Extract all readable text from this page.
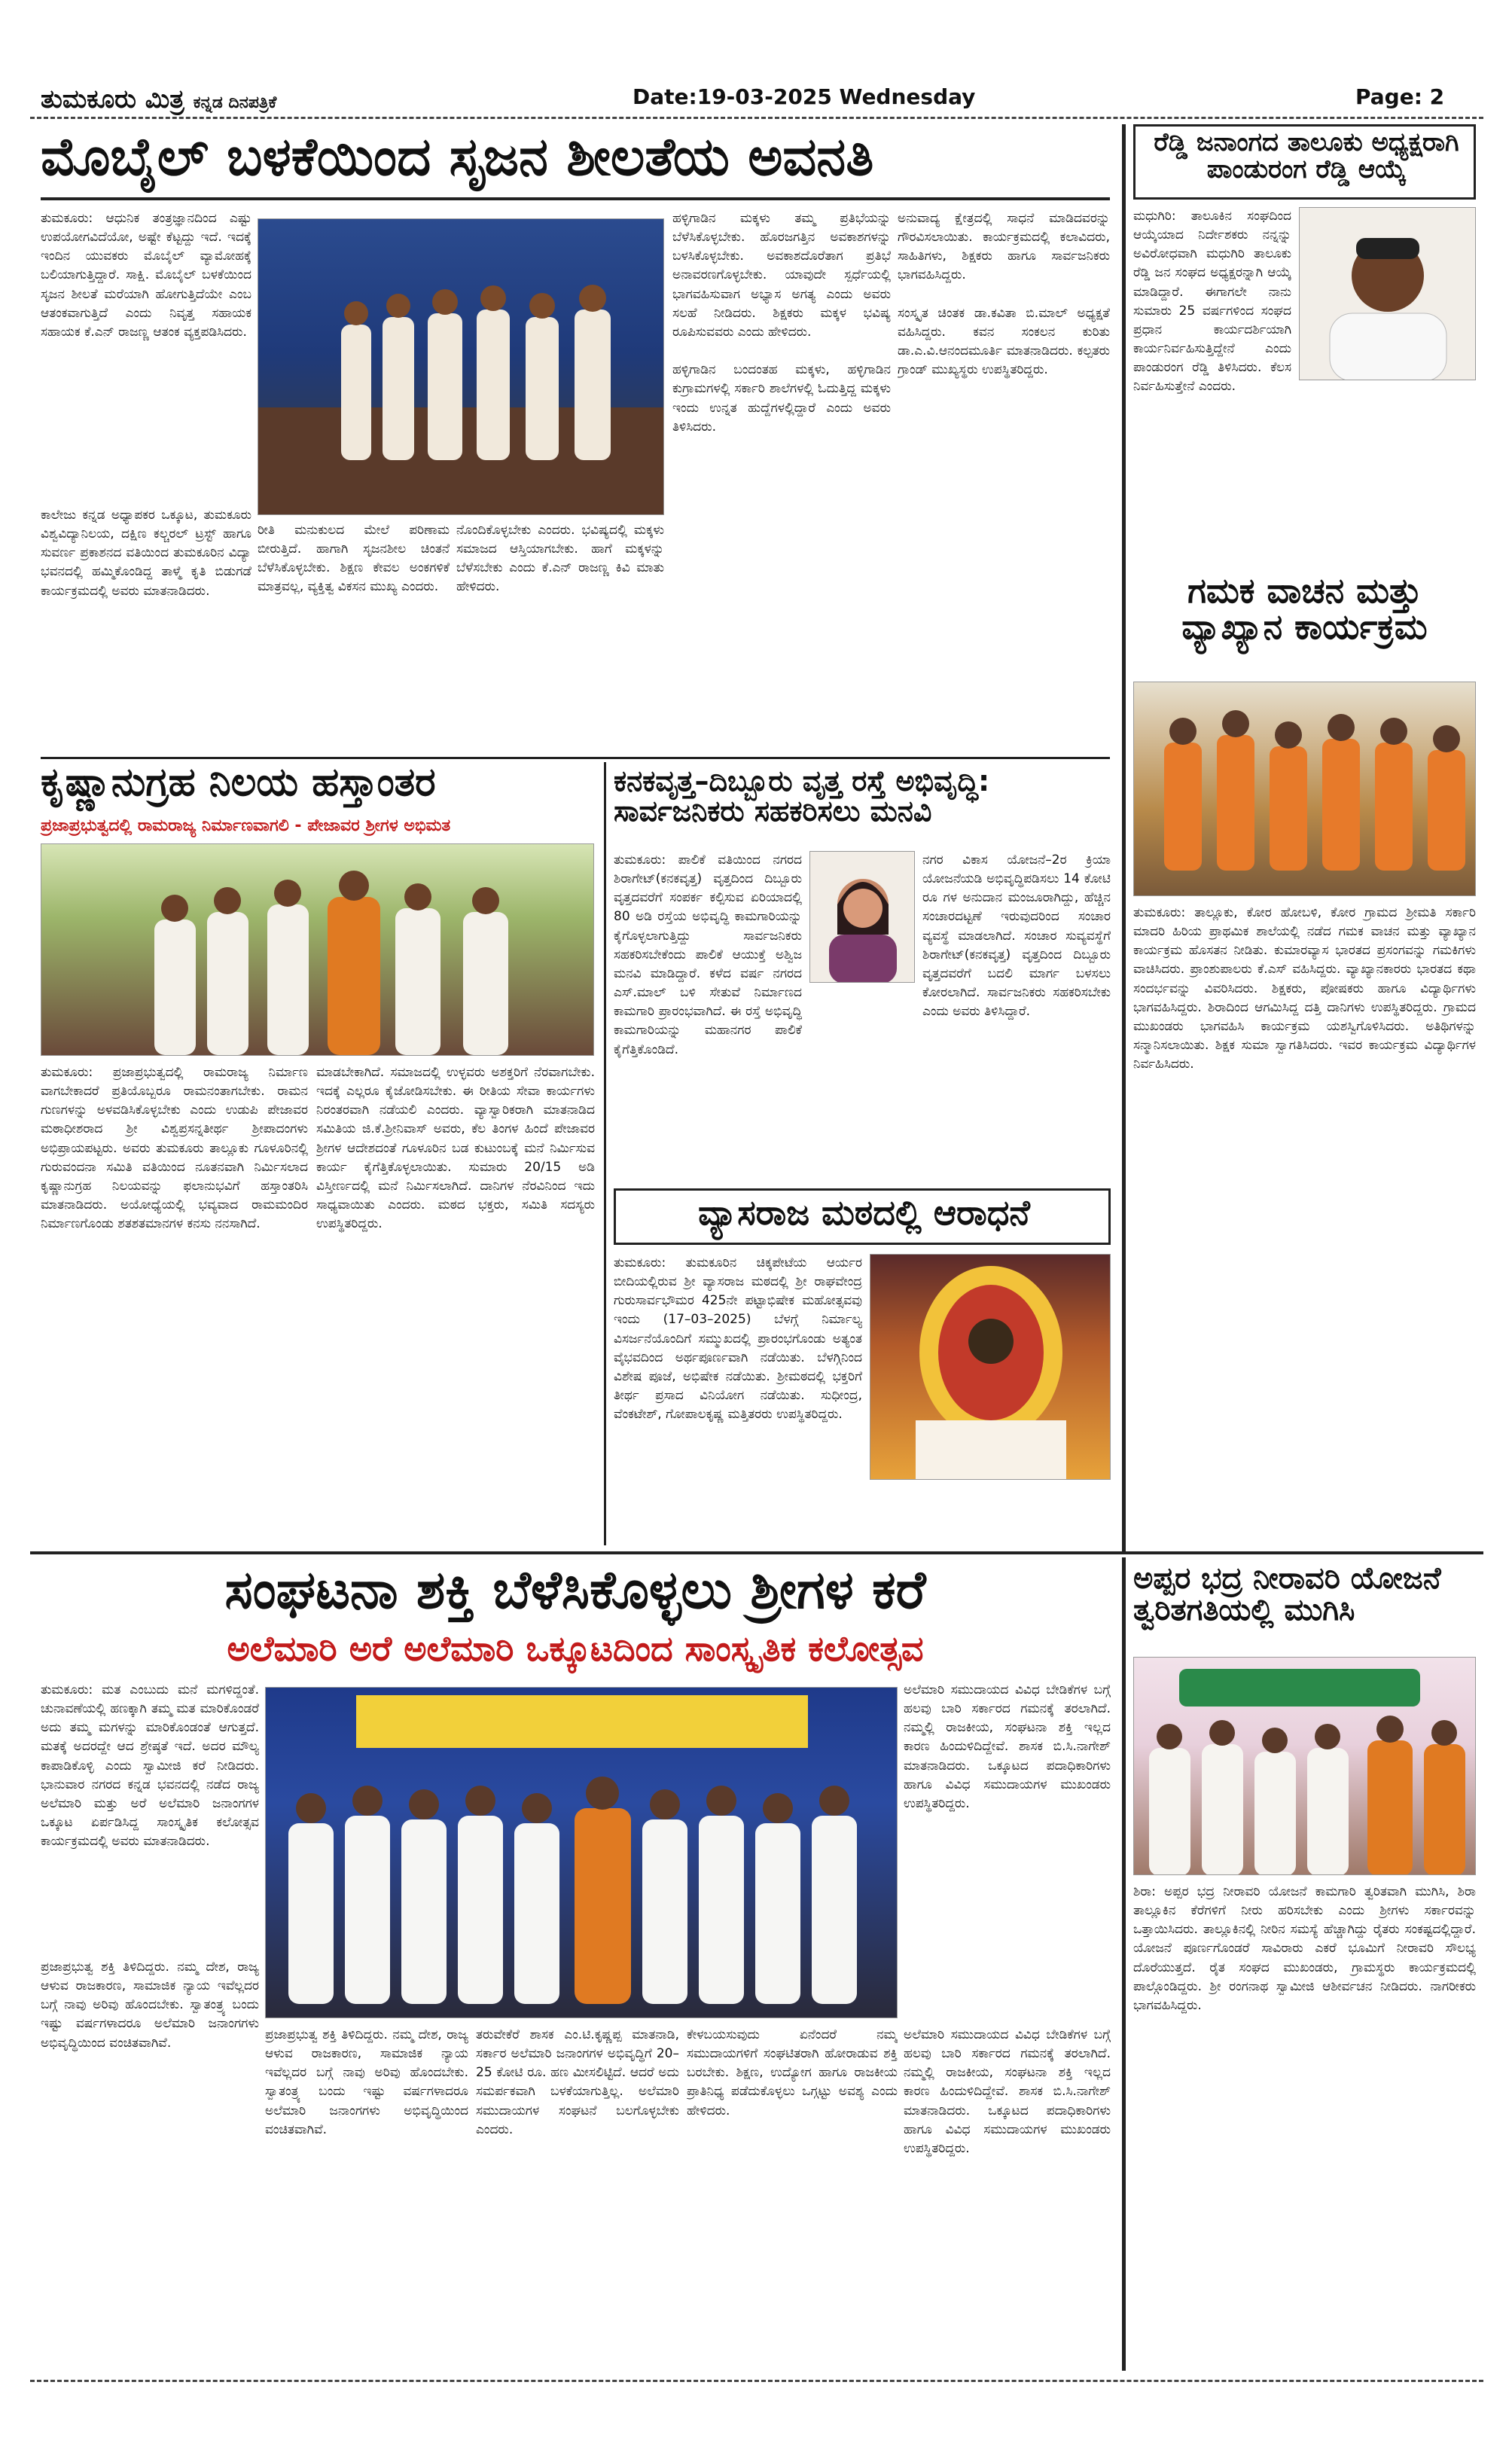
ತುಮಕೂರು ಮಿತ್ರ ಕನ್ನಡ ದಿನಪತ್ರಿಕೆ	Date:19-03-2025 Wednesday	Page: 2
ಮೊಬೈಲ್ ಬಳಕೆಯಿಂದ ಸೃಜನ ಶೀಲತೆಯ ಅವನತಿ
ತುಮಕೂರು: ಆಧುನಿಕ ತಂತ್ರಜ್ಞಾನದಿಂದ ಎಷ್ಟು ಉಪಯೋಗವಿದೆಯೋ, ಅಷ್ಟೇ ಕೆಟ್ಟದ್ದು ಇದೆ. ಇದಕ್ಕೆ ಇಂದಿನ ಯುವಕರು ಮೊಬೈಲ್ ವ್ಯಾಮೋಹಕ್ಕೆ ಬಲಿಯಾಗುತ್ತಿದ್ದಾರೆ. ಸಾಕ್ಷಿ. ಮೊಬೈಲ್ ಬಳಕೆಯಿಂದ ಸೃಜನ ಶೀಲತೆ ಮರೆಯಾಗಿ ಹೋಗುತ್ತಿದೆಯೇ ಎಂಬ ಆತಂಕವಾಗುತ್ತಿದೆ ಎಂದು ನಿವೃತ್ತ ಸಹಾಯಕ ಸಹಾಯಕ ಕೆ.ಎನ್ ರಾಜಣ್ಣ ಆತಂಕ ವ್ಯಕ್ತಪಡಿಸಿದರು.
ಕಾಲೇಜು ಕನ್ನಡ ಅಧ್ಯಾಪಕರ ಒಕ್ಕೂಟ, ತುಮಕೂರು ವಿಶ್ವವಿದ್ಯಾನಿಲಯ, ದಕ್ಷಿಣ ಕಲ್ಚರಲ್ ಟ್ರಸ್ಟ್ ಹಾಗೂ ಸುವರ್ಣ ಪ್ರಕಾಶನದ ವತಿಯಿಂದ ತುಮಕೂರಿನ ವಿದ್ಯಾ ಭವನದಲ್ಲಿ ಹಮ್ಮಿಕೊಂಡಿದ್ದ ತಾಳ್ಮೆ ಕೃತಿ ಬಿಡುಗಡೆ ಕಾರ್ಯಕ್ರಮದಲ್ಲಿ ಅವರು ಮಾತನಾಡಿದರು.
ರೀತಿ ಮನುಕುಲದ ಮೇಲೆ ಪರಿಣಾಮ ಬೀರುತ್ತಿದೆ. ಹಾಗಾಗಿ ಸೃಜನಶೀಲ ಚಿಂತನೆ ಬೆಳೆಸಿಕೊಳ್ಳಬೇಕು. ಶಿಕ್ಷಣ ಕೇವಲ ಅಂಕಗಳಿಕೆ ಮಾತ್ರವಲ್ಲ, ವ್ಯಕ್ತಿತ್ವ ವಿಕಸನ ಮುಖ್ಯ ಎಂದರು.
ನೊಂದಿಕೊಳ್ಳಬೇಕು ಎಂದರು. ಭವಿಷ್ಯದಲ್ಲಿ ಮಕ್ಕಳು ಸಮಾಜದ ಆಸ್ತಿಯಾಗಬೇಕು. ಹಾಗೆ ಮಕ್ಕಳನ್ನು ಬೆಳೆಸಬೇಕು ಎಂದು ಕೆ.ಎನ್ ರಾಜಣ್ಣ ಕಿವಿ ಮಾತು ಹೇಳಿದರು.
ಹಳ್ಳಿಗಾಡಿನ ಮಕ್ಕಳು ತಮ್ಮ ಪ್ರತಿಭೆಯನ್ನು ಬೆಳೆಸಿಕೊಳ್ಳಬೇಕು. ಹೊರಜಗತ್ತಿನ ಅವಕಾಶಗಳನ್ನು ಬಳಸಿಕೊಳ್ಳಬೇಕು. ಅವಕಾಶದೊರೆತಾಗ ಪ್ರತಿಭೆ ಅನಾವರಣಗೊಳ್ಳಬೇಕು. ಯಾವುದೇ ಸ್ಪರ್ಧೆಯಲ್ಲಿ ಭಾಗವಹಿಸುವಾಗ ಅಭ್ಯಾಸ ಅಗತ್ಯ ಎಂದು ಅವರು ಸಲಹೆ ನೀಡಿದರು. ಶಿಕ್ಷಕರು ಮಕ್ಕಳ ಭವಿಷ್ಯ ರೂಪಿಸುವವರು ಎಂದು ಹೇಳಿದರು.

ಹಳ್ಳಿಗಾಡಿನ ಬಂದಂತಹ ಮಕ್ಕಳು, ಹಳ್ಳಿಗಾಡಿನ ಕುಗ್ರಾಮಗಳಲ್ಲಿ ಸರ್ಕಾರಿ ಶಾಲೆಗಳಲ್ಲಿ ಓದುತ್ತಿದ್ದ ಮಕ್ಕಳು ಇಂದು ಉನ್ನತ ಹುದ್ದೆಗಳಲ್ಲಿದ್ದಾರೆ ಎಂದು ಅವರು ತಿಳಿಸಿದರು.
ಅನುವಾದ್ಯ ಕ್ಷೇತ್ರದಲ್ಲಿ ಸಾಧನೆ ಮಾಡಿದವರನ್ನು ಗೌರವಿಸಲಾಯಿತು. ಕಾರ್ಯಕ್ರಮದಲ್ಲಿ ಕಲಾವಿದರು, ಸಾಹಿತಿಗಳು, ಶಿಕ್ಷಕರು ಹಾಗೂ ಸಾರ್ವಜನಿಕರು ಭಾಗವಹಿಸಿದ್ದರು.

ಸಂಸ್ಕೃತ ಚಿಂತಕ ಡಾ.ಕವಿತಾ ಬಿ.ಮಾಲ್ ಅಧ್ಯಕ್ಷತೆ ವಹಿಸಿದ್ದರು. ಕವನ ಸಂಕಲನ ಕುರಿತು ಡಾ.ಎ.ವಿ.ಆನಂದಮೂರ್ತಿ ಮಾತನಾಡಿದರು. ಕಲ್ಪತರು ಗ್ರಾಂಡ್ ಮುಖ್ಯಸ್ಥರು ಉಪಸ್ಥಿತರಿದ್ದರು.
ರೆಡ್ಡಿ ಜನಾಂಗದ ತಾಲೂಕು ಅಧ್ಯಕ್ಷರಾಗಿ ಪಾಂಡುರಂಗ ರೆಡ್ಡಿ ಆಯ್ಕೆ
ಮಧುಗಿರಿ: ತಾಲೂಕಿನ ಸಂಘದಿಂದ ಆಯ್ಕೆಯಾದ ನಿರ್ದೇಶಕರು ನನ್ನನ್ನು ಅವಿರೋಧವಾಗಿ ಮಧುಗಿರಿ ತಾಲೂಕು ರೆಡ್ಡಿ ಜನ ಸಂಘದ ಅಧ್ಯಕ್ಷರನ್ನಾಗಿ ಆಯ್ಕೆ ಮಾಡಿದ್ದಾರೆ. ಈಗಾಗಲೇ ನಾನು ಸುಮಾರು 25 ವರ್ಷಗಳಿಂದ ಸಂಘದ ಪ್ರಧಾನ ಕಾರ್ಯದರ್ಶಿಯಾಗಿ ಕಾರ್ಯನಿರ್ವಹಿಸುತ್ತಿದ್ದೇನೆ ಎಂದು ಪಾಂಡುರಂಗ ರೆಡ್ಡಿ ತಿಳಿಸಿದರು. ಕೆಲಸ ನಿರ್ವಹಿಸುತ್ತೇನೆ ಎಂದರು.
ಗಮಕ ವಾಚನ ಮತ್ತು ವ್ಯಾಖ್ಯಾನ ಕಾರ್ಯಕ್ರಮ
ತುಮಕೂರು: ತಾಲ್ಲೂಕು, ಕೋರ ಹೋಬಳಿ, ಕೋರ ಗ್ರಾಮದ ಶ್ರೀಮತಿ ಸರ್ಕಾರಿ ಮಾದರಿ ಹಿರಿಯ ಪ್ರಾಥಮಿಕ ಶಾಲೆಯಲ್ಲಿ ನಡೆದ ಗಮಕ ವಾಚನ ಮತ್ತು ವ್ಯಾಖ್ಯಾನ ಕಾರ್ಯಕ್ರಮ ಹೊಸತನ ನೀಡಿತು. ಕುಮಾರವ್ಯಾಸ ಭಾರತದ ಪ್ರಸಂಗವನ್ನು ಗಮಕಿಗಳು ವಾಚಿಸಿದರು. ಪ್ರಾಂಶುಪಾಲರು ಕೆ.ಎಸ್ ವಹಿಸಿದ್ದರು. ವ್ಯಾಖ್ಯಾನಕಾರರು ಭಾರತದ ಕಥಾ ಸಂದರ್ಭವನ್ನು ವಿವರಿಸಿದರು. ಶಿಕ್ಷಕರು, ಪೋಷಕರು ಹಾಗೂ ವಿದ್ಯಾರ್ಥಿಗಳು ಭಾಗವಹಿಸಿದ್ದರು. ಶಿರಾದಿಂದ ಆಗಮಿಸಿದ್ದ ದತ್ತಿ ದಾನಿಗಳು ಉಪಸ್ಥಿತರಿದ್ದರು. ಗ್ರಾಮದ ಮುಖಂಡರು ಭಾಗವಹಿಸಿ ಕಾರ್ಯಕ್ರಮ ಯಶಸ್ವಿಗೊಳಿಸಿದರು. ಅತಿಥಿಗಳನ್ನು ಸನ್ಮಾನಿಸಲಾಯಿತು. ಶಿಕ್ಷಕ ಸುಮಾ ಸ್ವಾಗತಿಸಿದರು. ಇವರ ಕಾರ್ಯಕ್ರಮ ವಿದ್ಯಾರ್ಥಿಗಳ ನಿರ್ವಹಿಸಿದರು.
ಕೃಷ್ಣಾನುಗ್ರಹ ನಿಲಯ ಹಸ್ತಾಂತರ
ಪ್ರಜಾಪ್ರಭುತ್ವದಲ್ಲಿ ರಾಮರಾಜ್ಯ ನಿರ್ಮಾಣವಾಗಲಿ - ಪೇಜಾವರ ಶ್ರೀಗಳ ಅಭಿಮತ
ತುಮಕೂರು: ಪ್ರಜಾಪ್ರಭುತ್ವದಲ್ಲಿ ರಾಮರಾಜ್ಯ ನಿರ್ಮಾಣ ವಾಗಬೇಕಾದರೆ ಪ್ರತಿಯೊಬ್ಬರೂ ರಾಮನಂತಾಗಬೇಕು. ರಾಮನ ಗುಣಗಳನ್ನು ಅಳವಡಿಸಿಕೊಳ್ಳಬೇಕು ಎಂದು ಉಡುಪಿ ಪೇಜಾವರ ಮಠಾಧೀಶರಾದ ಶ್ರೀ ವಿಶ್ವಪ್ರಸನ್ನತೀರ್ಥ ಶ್ರೀಪಾದಂಗಳು ಅಭಿಪ್ರಾಯಪಟ್ಟರು. ಅವರು ತುಮಕೂರು ತಾಲ್ಲೂಕು ಗೂಳೂರಿನಲ್ಲಿ ಗುರುವಂದನಾ ಸಮಿತಿ ವತಿಯಿಂದ ನೂತನವಾಗಿ ನಿರ್ಮಿಸಲಾದ ಕೃಷ್ಣಾನುಗ್ರಹ ನಿಲಯವನ್ನು ಫಲಾನುಭವಿಗೆ ಹಸ್ತಾಂತರಿಸಿ ಮಾತನಾಡಿದರು. ಅಯೋಧ್ಯೆಯಲ್ಲಿ ಭವ್ಯವಾದ ರಾಮಮಂದಿರ ನಿರ್ಮಾಣಗೊಂಡು ಶತಶತಮಾನಗಳ ಕನಸು ನನಸಾಗಿದೆ.
ಮಾಡಬೇಕಾಗಿದೆ. ಸಮಾಜದಲ್ಲಿ ಉಳ್ಳವರು ಅಶಕ್ತರಿಗೆ ನೆರವಾಗಬೇಕು. ಇದಕ್ಕೆ ಎಲ್ಲರೂ ಕೈಜೋಡಿಸಬೇಕು. ಈ ರೀತಿಯ ಸೇವಾ ಕಾರ್ಯಗಳು ನಿರಂತರವಾಗಿ ನಡೆಯಲಿ ಎಂದರು. ವ್ಯಾಸ್ವಾರಿಕರಾಗಿ ಮಾತನಾಡಿದ ಸಮಿತಿಯ ಜಿ.ಕೆ.ಶ್ರೀನಿವಾಸ್ ಅವರು, ಕೆಲ ತಿಂಗಳ ಹಿಂದೆ ಪೇಜಾವರ ಶ್ರೀಗಳ ಆದೇಶದಂತೆ ಗೂಳೂರಿನ ಬಡ ಕುಟುಂಬಕ್ಕೆ ಮನೆ ನಿರ್ಮಿಸುವ ಕಾರ್ಯ ಕೈಗೆತ್ತಿಕೊಳ್ಳಲಾಯಿತು. ಸುಮಾರು 20/15 ಅಡಿ ವಿಸ್ತೀರ್ಣದಲ್ಲಿ ಮನೆ ನಿರ್ಮಿಸಲಾಗಿದೆ. ದಾನಿಗಳ ನೆರವಿನಿಂದ ಇದು ಸಾಧ್ಯವಾಯಿತು ಎಂದರು. ಮಠದ ಭಕ್ತರು, ಸಮಿತಿ ಸದಸ್ಯರು ಉಪಸ್ಥಿತರಿದ್ದರು.
ಕನಕವೃತ್ತ–ದಿಬ್ಬೂರು ವೃತ್ತ ರಸ್ತೆ ಅಭಿವೃದ್ಧಿ: ಸಾರ್ವಜನಿಕರು ಸಹಕರಿಸಲು ಮನವಿ
ತುಮಕೂರು: ಪಾಲಿಕೆ ವತಿಯಿಂದ ನಗರದ ಶಿರಾಗೇಟ್(ಕನಕವೃತ್ತ) ವೃತ್ತದಿಂದ ದಿಬ್ಬೂರು ವೃತ್ತದವರೆಗೆ ಸಂಪರ್ಕ ಕಲ್ಪಿಸುವ ಏರಿಯಾದಲ್ಲಿ 80 ಅಡಿ ರಸ್ತೆಯ ಅಭಿವೃದ್ಧಿ ಕಾಮಗಾರಿಯನ್ನು ಕೈಗೊಳ್ಳಲಾಗುತ್ತಿದ್ದು ಸಾರ್ವಜನಿಕರು ಸಹಕರಿಸಬೇಕೆಂದು ಪಾಲಿಕೆ ಆಯುಕ್ತೆ ಅಶ್ವಿಜ ಮನವಿ ಮಾಡಿದ್ದಾರೆ. ಕಳೆದ ವರ್ಷ ನಗರದ ಎಸ್.ಮಾಲ್ ಬಳಿ ಸೇತುವೆ ನಿರ್ಮಾಣದ ಕಾಮಗಾರಿ ಪ್ರಾರಂಭವಾಗಿದೆ. ಈ ರಸ್ತೆ ಅಭಿವೃದ್ಧಿ ಕಾಮಗಾರಿಯನ್ನು ಮಹಾನಗರ ಪಾಲಿಕೆ ಕೈಗೆತ್ತಿಕೊಂಡಿದೆ.
ನಗರ ವಿಕಾಸ ಯೋಜನೆ–2ರ ಕ್ರಿಯಾ ಯೋಜನೆಯಡಿ ಅಭಿವೃದ್ಧಿಪಡಿಸಲು 14 ಕೋಟಿ ರೂ ಗಳ ಅನುದಾನ ಮಂಜೂರಾಗಿದ್ದು, ಹೆಚ್ಚಿನ ಸಂಚಾರದಟ್ಟಣೆ ಇರುವುದರಿಂದ ಸಂಚಾರ ವ್ಯವಸ್ಥೆ ಮಾಡಲಾಗಿದೆ. ಸಂಚಾರ ಸುವ್ಯವಸ್ಥೆಗೆ ಶಿರಾಗೇಟ್(ಕನಕವೃತ್ತ) ವೃತ್ತದಿಂದ ದಿಬ್ಬೂರು ವೃತ್ತದವರೆಗೆ ಬದಲಿ ಮಾರ್ಗ ಬಳಸಲು ಕೋರಲಾಗಿದೆ. ಸಾರ್ವಜನಿಕರು ಸಹಕರಿಸಬೇಕು ಎಂದು ಅವರು ತಿಳಿಸಿದ್ದಾರೆ.
ವ್ಯಾಸರಾಜ ಮಠದಲ್ಲಿ ಆರಾಧನೆ
ತುಮಕೂರು: ತುಮಕೂರಿನ ಚಿಕ್ಕಪೇಟೆಯ ಆರ್ಯರ ಬೀದಿಯಲ್ಲಿರುವ ಶ್ರೀ ವ್ಯಾಸರಾಜ ಮಠದಲ್ಲಿ ಶ್ರೀ ರಾಘವೇಂದ್ರ ಗುರುಸಾರ್ವಭೌಮರ 425ನೇ ಪಟ್ಟಾಭಿಷೇಕ ಮಹೋತ್ಸವವು ಇಂದು (17–03–2025) ಬೆಳಗ್ಗೆ ನಿರ್ಮಾಲ್ಯ ವಿಸರ್ಜನೆಯೊಂದಿಗೆ ಸಮ್ಮುಖದಲ್ಲಿ ಪ್ರಾರಂಭಗೊಂಡು ಅತ್ಯಂತ ವೈಭವದಿಂದ ಅರ್ಥಪೂರ್ಣವಾಗಿ ನಡೆಯಿತು. ಬೆಳಗ್ಗಿನಿಂದ ವಿಶೇಷ ಪೂಜೆ, ಅಭಿಷೇಕ ನಡೆಯಿತು. ಶ್ರೀಮಠದಲ್ಲಿ ಭಕ್ತರಿಗೆ ತೀರ್ಥ ಪ್ರಸಾದ ವಿನಿಯೋಗ ನಡೆಯಿತು. ಸುಧೀಂದ್ರ, ವೆಂಕಟೇಶ್, ಗೋಪಾಲಕೃಷ್ಣ ಮತ್ತಿತರರು ಉಪಸ್ಥಿತರಿದ್ದರು.
ಸಂಘಟನಾ ಶಕ್ತಿ ಬೆಳೆಸಿಕೊಳ್ಳಲು ಶ್ರೀಗಳ ಕರೆ
ಅಲೆಮಾರಿ ಅರೆ ಅಲೆಮಾರಿ ಒಕ್ಕೂಟದಿಂದ ಸಾಂಸ್ಕೃತಿಕ ಕಲೋತ್ಸವ
ತುಮಕೂರು: ಮತ ಎಂಬುದು ಮನೆ ಮಗಳಿದ್ದಂತೆ. ಚುನಾವಣೆಯಲ್ಲಿ ಹಣಕ್ಕಾಗಿ ತಮ್ಮ ಮತ ಮಾರಿಕೊಂಡರೆ ಅದು ತಮ್ಮ ಮಗಳನ್ನು ಮಾರಿಕೊಂಡಂತೆ ಆಗುತ್ತದೆ. ಮತಕ್ಕೆ ಅದರದ್ದೇ ಆದ ಶ್ರೇಷ್ಠತೆ ಇದೆ. ಅದರ ಮೌಲ್ಯ ಕಾಪಾಡಿಕೊಳ್ಳಿ ಎಂದು ಸ್ವಾಮೀಜಿ ಕರೆ ನೀಡಿದರು. ಭಾನುವಾರ ನಗರದ ಕನ್ನಡ ಭವನದಲ್ಲಿ ನಡೆದ ರಾಜ್ಯ ಅಲೆಮಾರಿ ಮತ್ತು ಅರೆ ಅಲೆಮಾರಿ ಜನಾಂಗಗಳ ಒಕ್ಕೂಟ ಏರ್ಪಡಿಸಿದ್ದ ಸಾಂಸ್ಕೃತಿಕ ಕಲೋತ್ಸವ ಕಾರ್ಯಕ್ರಮದಲ್ಲಿ ಅವರು ಮಾತನಾಡಿದರು.
ಅಲೆಮಾರಿ ಸಮುದಾಯದ ವಿವಿಧ ಬೇಡಿಕೆಗಳ ಬಗ್ಗೆ ಹಲವು ಬಾರಿ ಸರ್ಕಾರದ ಗಮನಕ್ಕೆ ತರಲಾಗಿದೆ. ನಮ್ಮಲ್ಲಿ ರಾಜಕೀಯ, ಸಂಘಟನಾ ಶಕ್ತಿ ಇಲ್ಲದ ಕಾರಣ ಹಿಂದುಳಿದಿದ್ದೇವೆ. ಶಾಸಕ ಬಿ.ಸಿ.ನಾಗೇಶ್ ಮಾತನಾಡಿದರು. ಒಕ್ಕೂಟದ ಪದಾಧಿಕಾರಿಗಳು ಹಾಗೂ ವಿವಿಧ ಸಮುದಾಯಗಳ ಮುಖಂಡರು ಉಪಸ್ಥಿತರಿದ್ದರು.
ಪ್ರಜಾಪ್ರಭುತ್ವ ಶಕ್ತಿ ತಿಳಿದಿದ್ದರು. ನಮ್ಮ ದೇಶ, ರಾಜ್ಯ ಆಳುವ ರಾಜಕಾರಣ, ಸಾಮಾಜಿಕ ನ್ಯಾಯ ಇವೆಲ್ಲದರ ಬಗ್ಗೆ ನಾವು ಅರಿವು ಹೊಂದಬೇಕು. ಸ್ವಾತಂತ್ರ್ಯ ಬಂದು ಇಷ್ಟು ವರ್ಷಗಳಾದರೂ ಅಲೆಮಾರಿ ಜನಾಂಗಗಳು ಅಭಿವೃದ್ಧಿಯಿಂದ ವಂಚಿತವಾಗಿವೆ.
ಪ್ರಜಾಪ್ರಭುತ್ವ ಶಕ್ತಿ ತಿಳಿದಿದ್ದರು. ನಮ್ಮ ದೇಶ, ರಾಜ್ಯ ಆಳುವ ರಾಜಕಾರಣ, ಸಾಮಾಜಿಕ ನ್ಯಾಯ ಇವೆಲ್ಲದರ ಬಗ್ಗೆ ನಾವು ಅರಿವು ಹೊಂದಬೇಕು. ಸ್ವಾತಂತ್ರ್ಯ ಬಂದು ಇಷ್ಟು ವರ್ಷಗಳಾದರೂ ಅಲೆಮಾರಿ ಜನಾಂಗಗಳು ಅಭಿವೃದ್ಧಿಯಿಂದ ವಂಚಿತವಾಗಿವೆ.
ತರುವೇಕೆರೆ ಶಾಸಕ ಎಂ.ಟಿ.ಕೃಷ್ಣಪ್ಪ ಮಾತನಾಡಿ, ಸರ್ಕಾರ ಅಲೆಮಾರಿ ಜನಾಂಗಗಳ ಅಭಿವೃದ್ಧಿಗೆ 20–25 ಕೋಟಿ ರೂ. ಹಣ ಮೀಸಲಿಟ್ಟಿದೆ. ಆದರೆ ಅದು ಸಮರ್ಪಕವಾಗಿ ಬಳಕೆಯಾಗುತ್ತಿಲ್ಲ. ಅಲೆಮಾರಿ ಸಮುದಾಯಗಳ ಸಂಘಟನೆ ಬಲಗೊಳ್ಳಬೇಕು ಎಂದರು.
ಕೇಳಬಯಸುವುದು ಏನೆಂದರೆ ನಮ್ಮ ಸಮುದಾಯಗಳಿಗೆ ಸಂಘಟಿತರಾಗಿ ಹೋರಾಡುವ ಶಕ್ತಿ ಬರಬೇಕು. ಶಿಕ್ಷಣ, ಉದ್ಯೋಗ ಹಾಗೂ ರಾಜಕೀಯ ಪ್ರಾತಿನಿಧ್ಯ ಪಡೆದುಕೊಳ್ಳಲು ಒಗ್ಗಟ್ಟು ಅವಶ್ಯ ಎಂದು ಹೇಳಿದರು.
ಅಲೆಮಾರಿ ಸಮುದಾಯದ ವಿವಿಧ ಬೇಡಿಕೆಗಳ ಬಗ್ಗೆ ಹಲವು ಬಾರಿ ಸರ್ಕಾರದ ಗಮನಕ್ಕೆ ತರಲಾಗಿದೆ. ನಮ್ಮಲ್ಲಿ ರಾಜಕೀಯ, ಸಂಘಟನಾ ಶಕ್ತಿ ಇಲ್ಲದ ಕಾರಣ ಹಿಂದುಳಿದಿದ್ದೇವೆ. ಶಾಸಕ ಬಿ.ಸಿ.ನಾಗೇಶ್ ಮಾತನಾಡಿದರು. ಒಕ್ಕೂಟದ ಪದಾಧಿಕಾರಿಗಳು ಹಾಗೂ ವಿವಿಧ ಸಮುದಾಯಗಳ ಮುಖಂಡರು ಉಪಸ್ಥಿತರಿದ್ದರು.
ಅಪ್ಪರ ಭದ್ರ ನೀರಾವರಿ ಯೋಜನೆ ತ್ವರಿತಗತಿಯಲ್ಲಿ ಮುಗಿಸಿ
ಶಿರಾ: ಅಪ್ಪರ ಭದ್ರ ನೀರಾವರಿ ಯೋಜನೆ ಕಾಮಗಾರಿ ತ್ವರಿತವಾಗಿ ಮುಗಿಸಿ, ಶಿರಾ ತಾಲ್ಲೂಕಿನ ಕೆರೆಗಳಿಗೆ ನೀರು ಹರಿಸಬೇಕು ಎಂದು ಶ್ರೀಗಳು ಸರ್ಕಾರವನ್ನು ಒತ್ತಾಯಿಸಿದರು. ತಾಲ್ಲೂಕಿನಲ್ಲಿ ನೀರಿನ ಸಮಸ್ಯೆ ಹೆಚ್ಚಾಗಿದ್ದು ರೈತರು ಸಂಕಷ್ಟದಲ್ಲಿದ್ದಾರೆ. ಯೋಜನೆ ಪೂರ್ಣಗೊಂಡರೆ ಸಾವಿರಾರು ಎಕರೆ ಭೂಮಿಗೆ ನೀರಾವರಿ ಸೌಲಭ್ಯ ದೊರೆಯುತ್ತದೆ. ರೈತ ಸಂಘದ ಮುಖಂಡರು, ಗ್ರಾಮಸ್ಥರು ಕಾರ್ಯಕ್ರಮದಲ್ಲಿ ಪಾಲ್ಗೊಂಡಿದ್ದರು. ಶ್ರೀ ರಂಗನಾಥ ಸ್ವಾಮೀಜಿ ಆಶೀರ್ವಚನ ನೀಡಿದರು. ನಾಗರೀಕರು ಭಾಗವಹಿಸಿದ್ದರು.
